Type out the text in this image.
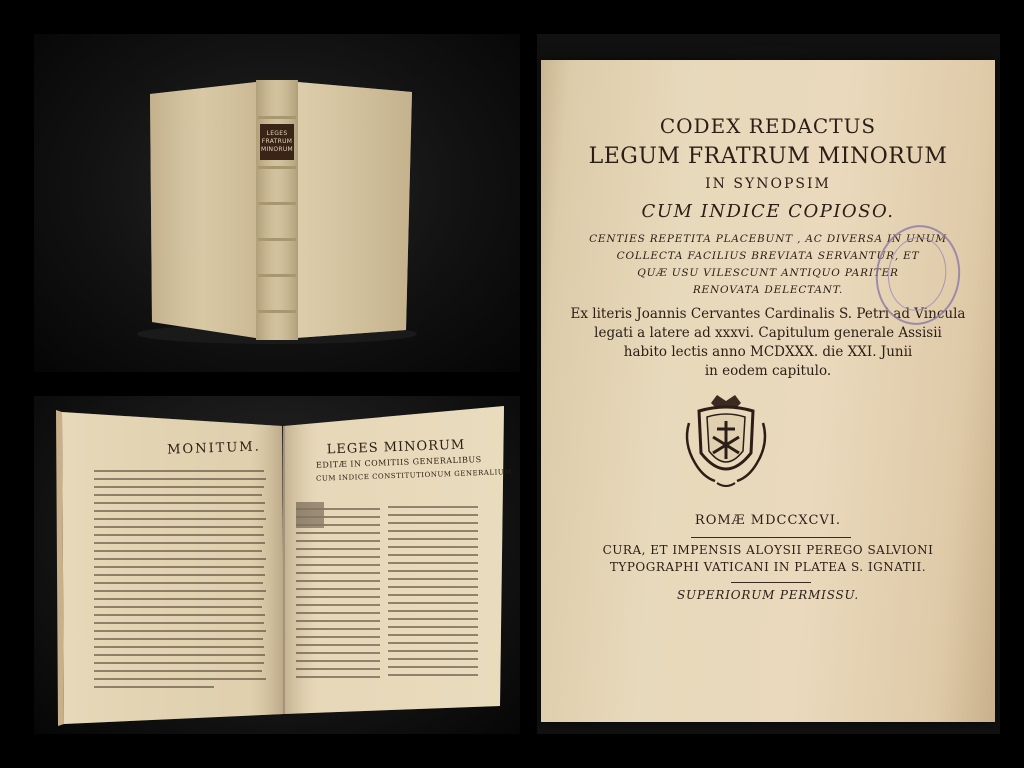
LEGES
FRATRUM
MINORUM
MONITUM.	LEGES MINORUM
EDITÆ IN COMITIIS GENERALIBUS
CUM INDICE CONSTITUTIONUM GENERALIUM
CODEX REDACTUS
LEGUM FRATRUM MINORUM
IN SYNOPSIM
CUM INDICE COPIOSO.
CENTIES REPETITA PLACEBUNT , AC DIVERSA IN UNUM
COLLECTA FACILIUS BREVIATA SERVANTUR, ET
QUÆ USU VILESCUNT ANTIQUO PARITER
RENOVATA DELECTANT.
Ex literis Joannis Cervantes Cardinalis S. Petri ad Vincula
legati a latere ad xxxvi. Capitulum generale Assisii
habito lectis anno MCDXXX. die XXI. Junii
in eodem capitulo.
ROMÆ MDCCXCVI.
CURA, ET IMPENSIS ALOYSII PEREGO SALVIONI
TYPOGRAPHI VATICANI IN PLATEA S. IGNATII.
SUPERIORUM PERMISSU.
